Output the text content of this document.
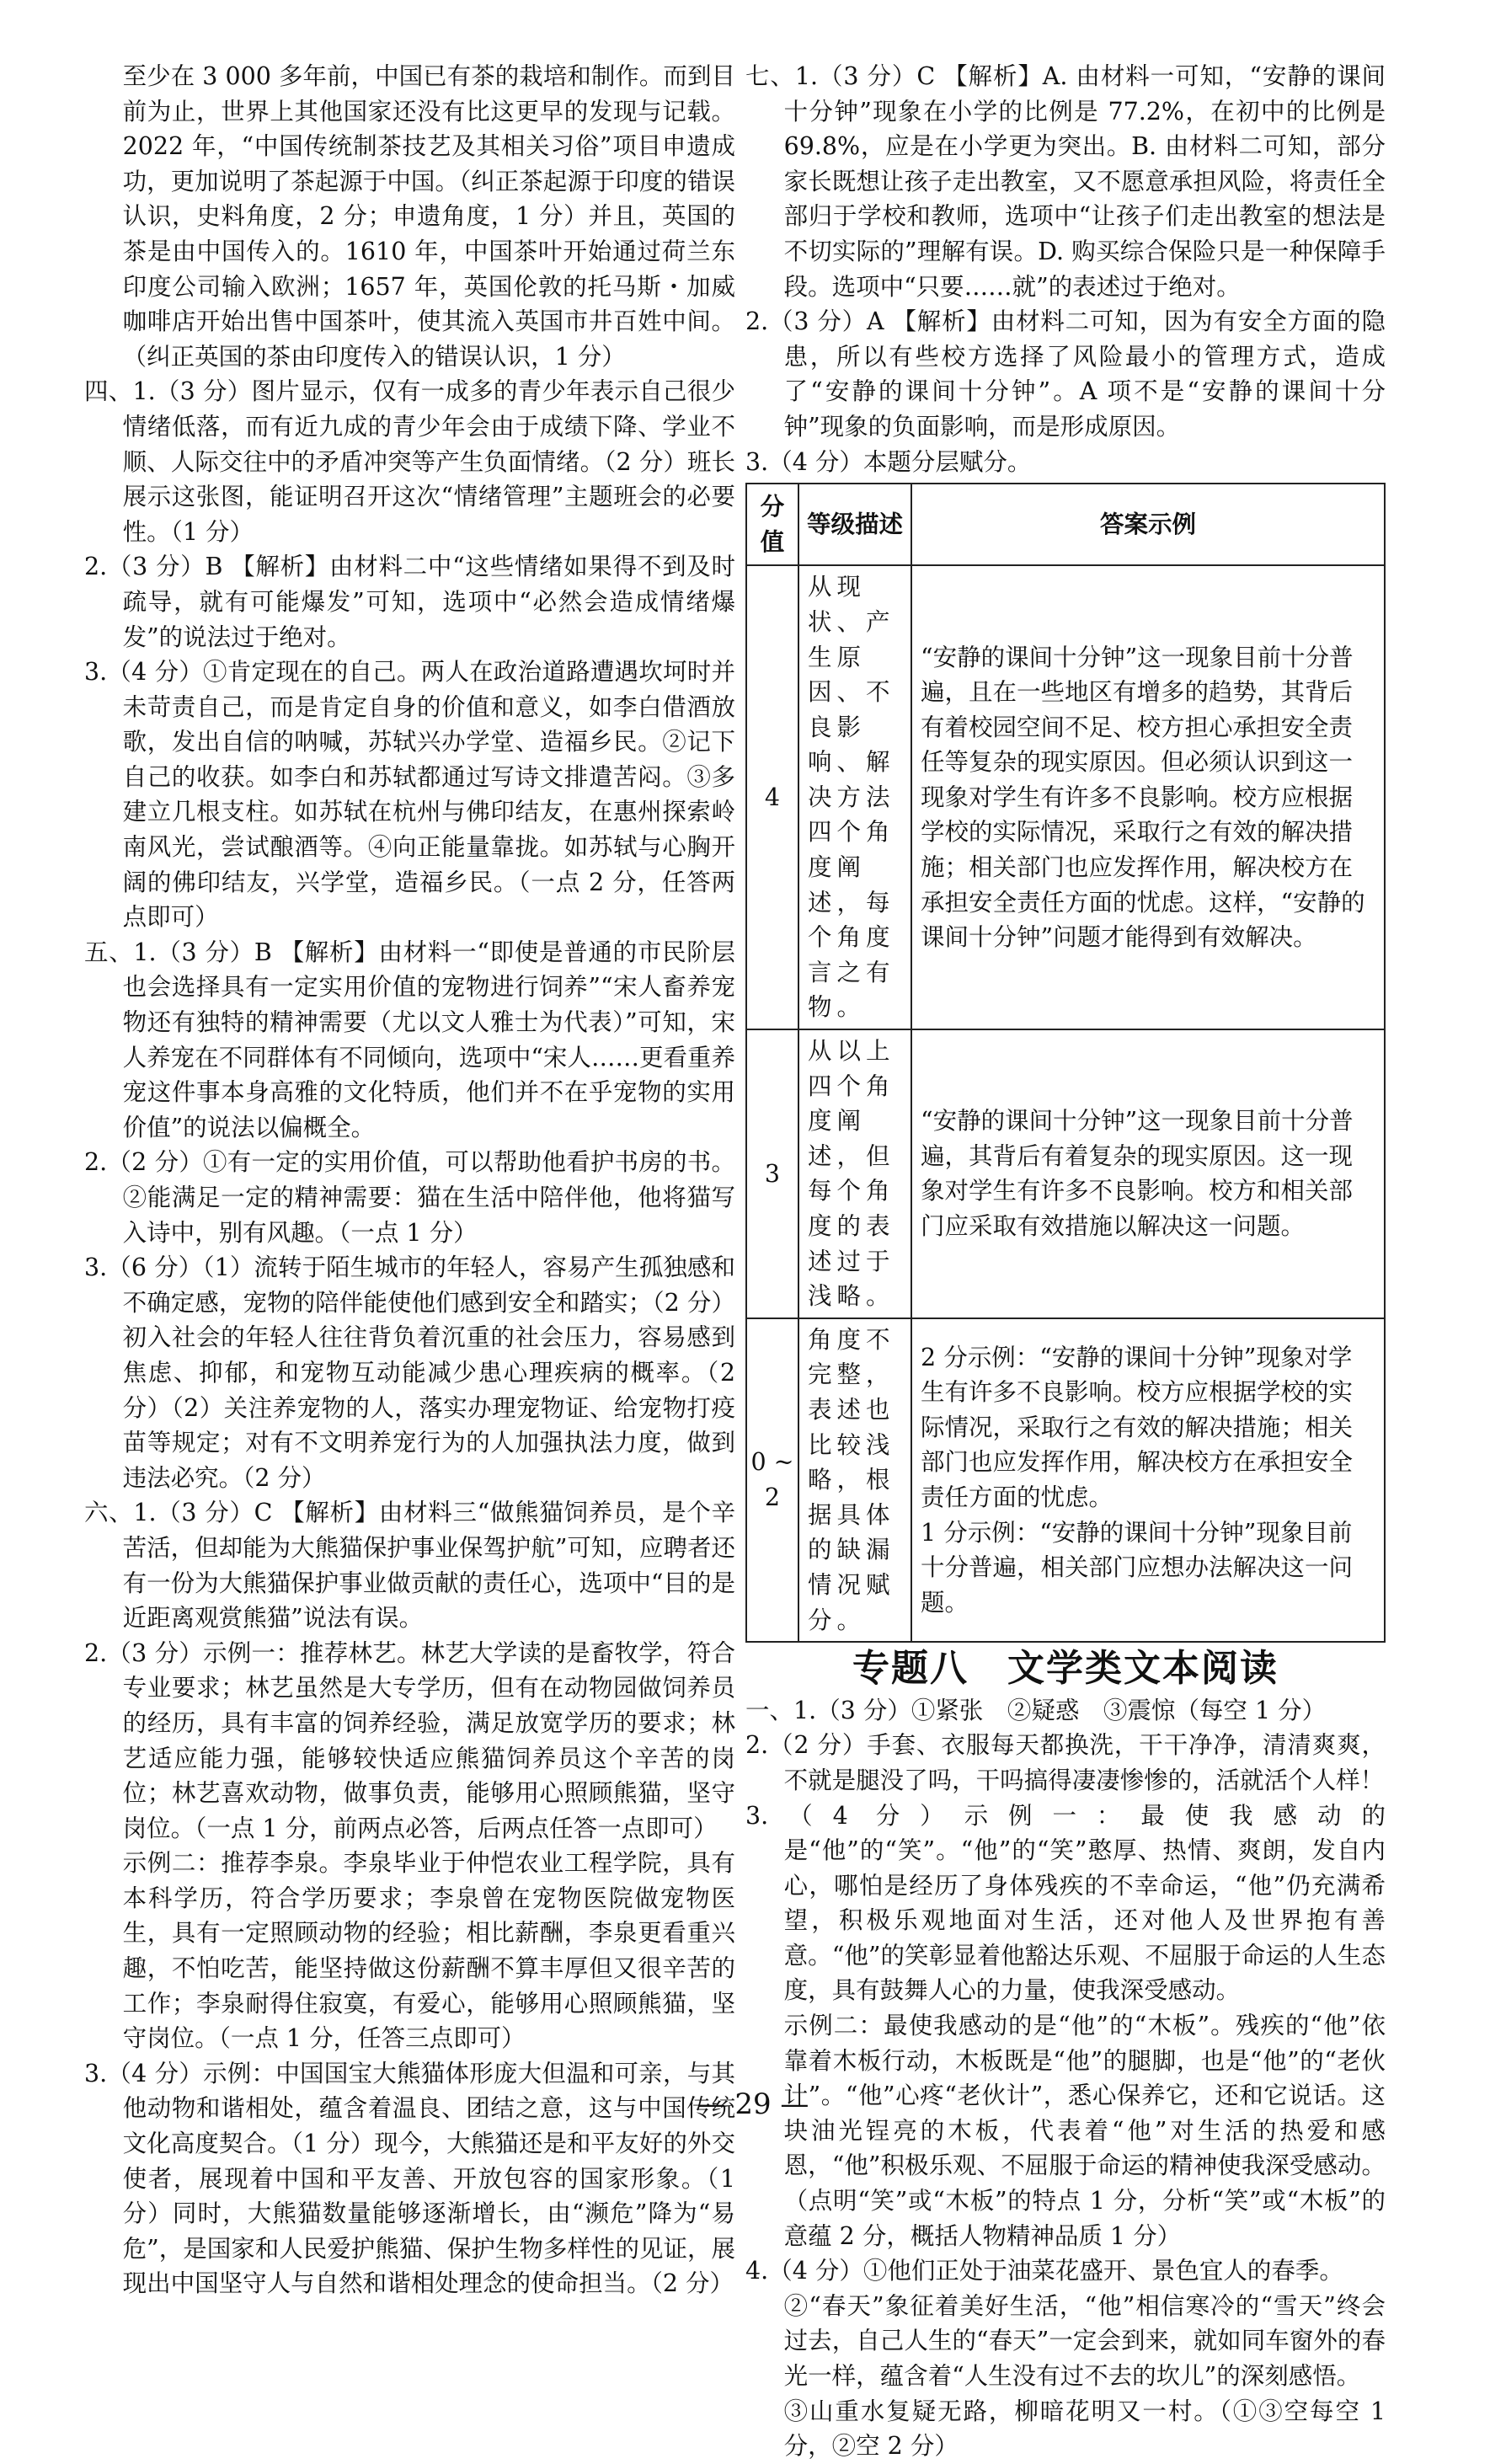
至少在 3 000 多年前，中国已有茶的栽培和制作。而到目前为止，世界上其他国家还没有比这更早的发现与记载。2022 年，“中国传统制茶技艺及其相关习俗”项目申遗成功，更加说明了茶起源于中国。（纠正茶起源于印度的错误认识，史料角度，2 分；申遗角度，1 分）并且，英国的茶是由中国传入的。1610 年，中国茶叶开始通过荷兰东印度公司输入欧洲；1657 年，英国伦敦的托马斯・加威咖啡店开始出售中国茶叶，使其流入英国市井百姓中间。（纠正英国的茶由印度传入的错误认识，1 分）

四、1.（3 分）图片显示，仅有一成多的青少年表示自己很少情绪低落，而有近九成的青少年会由于成绩下降、学业不顺、人际交往中的矛盾冲突等产生负面情绪。（2 分）班长展示这张图，能证明召开这次“情绪管理”主题班会的必要性。（1 分）

2.（3 分）B 【解析】由材料二中“这些情绪如果得不到及时疏导，就有可能爆发”可知，选项中“必然会造成情绪爆发”的说法过于绝对。

3.（4 分）①肯定现在的自己。两人在政治道路遭遇坎坷时并未苛责自己，而是肯定自身的价值和意义，如李白借酒放歌，发出自信的呐喊，苏轼兴办学堂、造福乡民。②记下自己的收获。如李白和苏轼都通过写诗文排遣苦闷。③多建立几根支柱。如苏轼在杭州与佛印结友，在惠州探索岭南风光，尝试酿酒等。④向正能量靠拢。如苏轼与心胸开阔的佛印结友，兴学堂，造福乡民。（一点 2 分，任答两点即可）

五、1.（3 分）B 【解析】由材料一“即使是普通的市民阶层也会选择具有一定实用价值的宠物进行饲养”“宋人畜养宠物还有独特的精神需要（尤以文人雅士为代表）”可知，宋人养宠在不同群体有不同倾向，选项中“宋人……更看重养宠这件事本身高雅的文化特质，他们并不在乎宠物的实用价值”的说法以偏概全。

2.（2 分）①有一定的实用价值，可以帮助他看护书房的书。②能满足一定的精神需要：猫在生活中陪伴他，他将猫写入诗中，别有风趣。（一点 1 分）

3.（6 分）（1）流转于陌生城市的年轻人，容易产生孤独感和不确定感，宠物的陪伴能使他们感到安全和踏实；（2 分）初入社会的年轻人往往背负着沉重的社会压力，容易感到焦虑、抑郁，和宠物互动能减少患心理疾病的概率。（2 分）（2）关注养宠物的人，落实办理宠物证、给宠物打疫苗等规定；对有不文明养宠行为的人加强执法力度，做到违法必究。（2 分）

六、1.（3 分）C 【解析】由材料三“做熊猫饲养员，是个辛苦活，但却能为大熊猫保护事业保驾护航”可知，应聘者还有一份为大熊猫保护事业做贡献的责任心，选项中“目的是近距离观赏熊猫”说法有误。

2.（3 分）示例一：推荐林艺。林艺大学读的是畜牧学，符合专业要求；林艺虽然是大专学历，但有在动物园做饲养员的经历，具有丰富的饲养经验，满足放宽学历的要求；林艺适应能力强，能够较快适应熊猫饲养员这个辛苦的岗位；林艺喜欢动物，做事负责，能够用心照顾熊猫，坚守岗位。（一点 1 分，前两点必答，后两点任答一点即可）

示例二：推荐李泉。李泉毕业于仲恺农业工程学院，具有本科学历，符合学历要求；李泉曾在宠物医院做宠物医生，具有一定照顾动物的经验；相比薪酬，李泉更看重兴趣，不怕吃苦，能坚持做这份薪酬不算丰厚但又很辛苦的工作；李泉耐得住寂寞，有爱心，能够用心照顾熊猫，坚守岗位。（一点 1 分，任答三点即可）

3.（4 分）示例：中国国宝大熊猫体形庞大但温和可亲，与其他动物和谐相处，蕴含着温良、团结之意，这与中国传统文化高度契合。（1 分）现今，大熊猫还是和平友好的外交使者，展现着中国和平友善、开放包容的国家形象。（1 分）同时，大熊猫数量能够逐渐增长，由“濒危”降为“易危”，是国家和人民爱护熊猫、保护生物多样性的见证，展现出中国坚守人与自然和谐相处理念的使命担当。（2 分）

七、1.（3 分）C 【解析】A. 由材料一可知，“安静的课间十分钟”现象在小学的比例是 77.2%，在初中的比例是 69.8%，应是在小学更为突出。B. 由材料二可知，部分家长既想让孩子走出教室，又不愿意承担风险，将责任全部归于学校和教师，选项中“让孩子们走出教室的想法是不切实际的”理解有误。D. 购买综合保险只是一种保障手段。选项中“只要……就”的表述过于绝对。

2.（3 分）A 【解析】由材料二可知，因为有安全方面的隐患，所以有些校方选择了风险最小的管理方式，造成了“安静的课间十分钟”。A 项不是“安静的课间十分钟”现象的负面影响，而是形成原因。

3.（4 分）本题分层赋分。

分值	等级描述	答案示例
4	从现状、产生原因、不良影响、解决方法四个角度阐述，每个角度言之有物。	“安静的课间十分钟”这一现象目前十分普遍，且在一些地区有增多的趋势，其背后有着校园空间不足、校方担心承担安全责任等复杂的现实原因。但必须认识到这一现象对学生有许多不良影响。校方应根据学校的实际情况，采取行之有效的解决措施；相关部门也应发挥作用，解决校方在承担安全责任方面的忧虑。这样，“安静的课间十分钟”问题才能得到有效解决。
3	从以上四个角度阐述，但每个角度的表述过于浅略。	“安静的课间十分钟”这一现象目前十分普遍，其背后有着复杂的现实原因。这一现象对学生有许多不良影响。校方和相关部门应采取有效措施以解决这一问题。
0 ~ 2	角度不完整，表述也比较浅略，根据具体的缺漏情况赋分。	2 分示例：“安静的课间十分钟”现象对学生有许多不良影响。校方应根据学校的实际情况，采取行之有效的解决措施；相关部门也应发挥作用，解决校方在承担安全责任方面的忧虑。
1 分示例：“安静的课间十分钟”现象目前十分普遍，相关部门应想办法解决这一问题。
专题八　文学类文本阅读

一、1.（3 分）①紧张　②疑惑　③震惊（每空 1 分）

2.（2 分）手套、衣服每天都换洗，干干净净，清清爽爽，不就是腿没了吗，干吗搞得凄凄惨惨的，活就活个人样！

3.（4 分）示例一：最使我感动的是“他”的“笑”。“他”的“笑”憨厚、热情、爽朗，发自内心，哪怕是经历了身体残疾的不幸命运，“他”仍充满希望，积极乐观地面对生活，还对他人及世界抱有善意。“他”的笑彰显着他豁达乐观、不屈服于命运的人生态度，具有鼓舞人心的力量，使我深受感动。

示例二：最使我感动的是“他”的“木板”。残疾的“他”依靠着木板行动，木板既是“他”的腿脚，也是“他”的“老伙计”。“他”心疼“老伙计”，悉心保养它，还和它说话。这块油光锃亮的木板，代表着“他”对生活的热爱和感恩，“他”积极乐观、不屈服于命运的精神使我深受感动。（点明“笑”或“木板”的特点 1 分，分析“笑”或“木板”的意蕴 2 分，概括人物精神品质 1 分）

4.（4 分）①他们正处于油菜花盛开、景色宜人的春季。

②“春天”象征着美好生活，“他”相信寒冷的“雪天”终会过去，自己人生的“春天”一定会到来，就如同车窗外的春光一样，蕴含着“人生没有过不去的坎儿”的深刻感悟。

③山重水复疑无路，柳暗花明又一村。（①③空每空 1 分，②空 2 分）

— 29 —
